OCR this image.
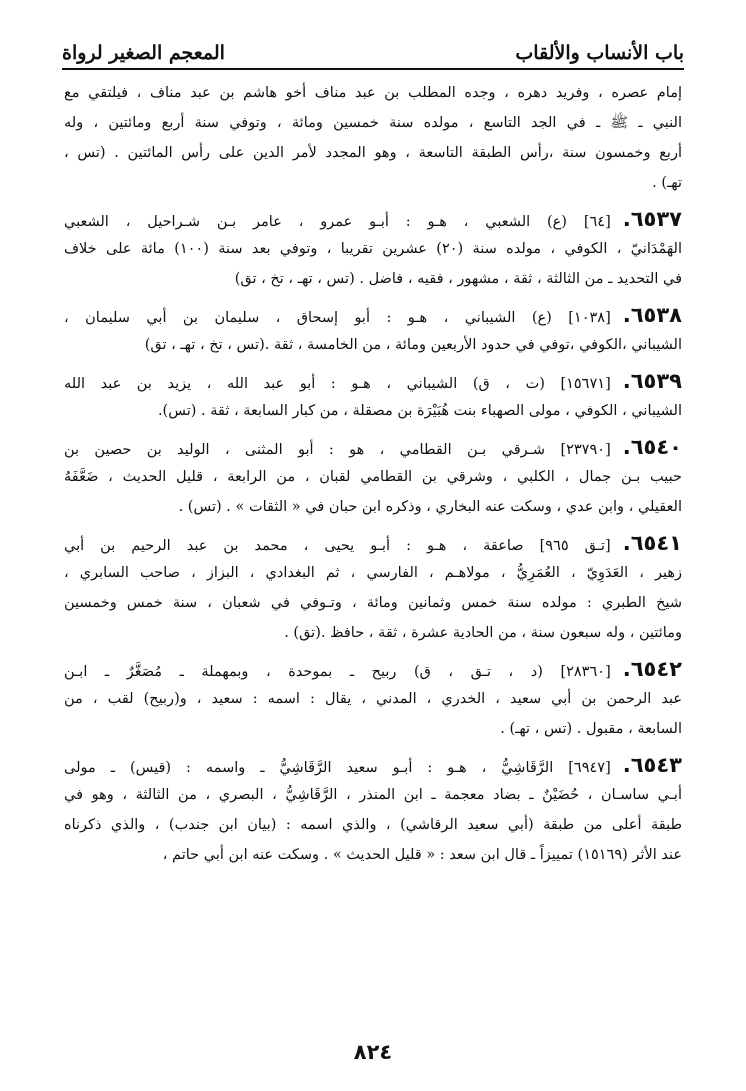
باب الأنساب والألقاب
المعجم الصغير لرواة
إمام عصره ، وفريد دهره ، وجده المطلب بن عبد مناف أخو هاشم بن عبد مناف ، فيلتقي مع
النبي ـ ﷺ ـ في الجد التاسع ، مولده سنة خمسين ومائة ، وتوفي سنة أربع ومائتين ، وله
أربع وخمسون سنة ،رأس الطبقة التاسعة ، وهو المجدد لأمر الدين على رأس المائتين . (تس ،
تهـ) .
٦٥٣٧.[٦٤] (ع) الشعبي ، هـو : أبـو عمرو ، عامر بـن شـراحيل ، الشعبي
الهَمْدَانيّ ، الكوفي ، مولده سنة (٢٠) عشرين تقريبا ، وتوفي بعد سنة (١٠٠) مائة على خلاف
في التحديد ـ من الثالثة ، ثقة ، مشهور ، فقيه ، فاضل . (تس ، تهـ ، تخ ، تق)
٦٥٣٨.[١٠٣٨] (ع) الشيباني ، هـو : أبو إسحاق ، سليمان بن أبي سليمان ،
الشيباني ،الكوفي ،توفي في حدود الأربعين ومائة ، من الخامسة ، ثقة .(تس ، تخ ، تهـ ، تق)
٦٥٣٩.[١٥٦٧١] (ت ، ق) الشيباني ، هـو : أبو عبد الله ، يزيد بن عبد الله
الشيباني ، الكوفي ، مولى الصهباء بنت هُبَيْرَة بن مصقلة ، من كبار السابعة ، ثقة . (تس).
٦٥٤٠.[٢٣٧٩٠] شـرقي بـن القطامي ، هو : أبو المثنى ، الوليد بن حصين بن
حبيب بـن جمال ، الكلبي ، وشرقي بن القطامي لقبان ، من الرابعة ، قليل الحديث ، ضَعَّفَهُ
العقيلي ، وابن عدي ، وسكت عنه البخاري ، وذكره ابن حبان في « الثقات » . (تس) .
٦٥٤١.[تـق ٩٦٥] صاعقة ، هـو : أبـو يحيى ، محمد بن عبد الرحيم بن أبي
زهير ، العَدَوِيّ ، العُمَرِيُّ ، مولاهـم ، الفارسي ، ثم البغدادي ، البزاز ، صاحب السابري ،
شيخ الطبري : مولده سنة خمس وثمانين ومائة ، وتـوفي في شعبان ، سنة خمس وخمسين
ومائتين ، وله سبعون سنة ، من الحادية عشرة ، ثقة ، حافظ .(تق) .
٦٥٤٢.[٢٨٣٦٠] (د ، تـق ، ق) ربيح ـ بموحدة ، وبمهملة ـ مُصَغَّرٌ ـ ابـن
عبد الرحمن بن أبي سعيد ، الخدري ، المدني ، يقال : اسمه : سعيد ، و(ربيح) لقب ، من
السابعة ، مقبول . (تس ، تهـ) .
٦٥٤٣.[٦٩٤٧] الرَّقَاشِيُّ ، هـو : أبـو سعيد الرَّقَاشِيُّ ـ واسمه : (قيس) ـ مولى
أبـي ساسـان ، حُضَيْنٌ ـ بضاد معجمة ـ ابن المنذر ، الرَّقَاشِيُّ ، البصري ، من الثالثة ، وهو في
طبقة أعلى من طبقة (أبي سعيد الرقاشي) ، والذي اسمه : (بيان ابن جندب) ، والذي ذكرناه
عند الأثر (١٥١٦٩) تمييزاً ـ قال ابن سعد : « قليل الحديث » . وسكت عنه ابن أبي حاتم ،
٨٢٤
